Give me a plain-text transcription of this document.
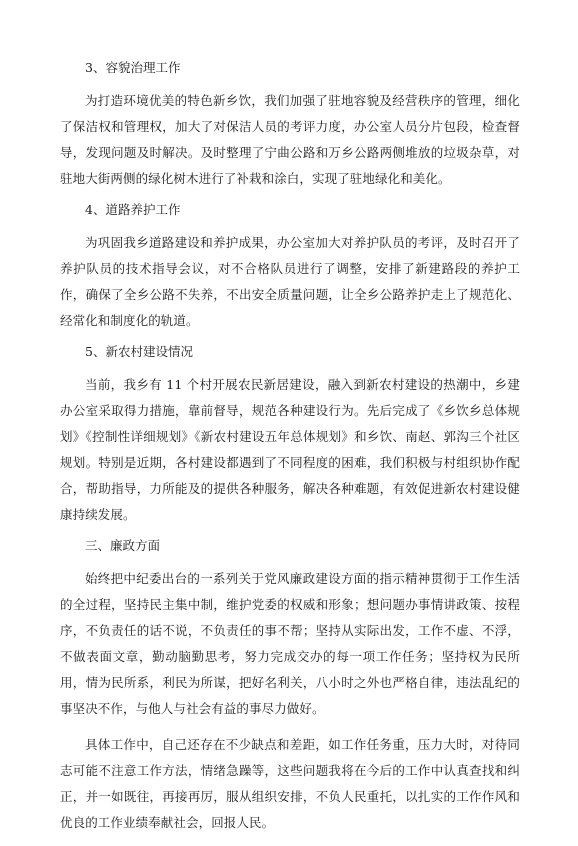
3、容貌治理工作
为打造环境优美的特色新乡饮，我们加强了驻地容貌及经营秩序的管理，细化了保洁权和管理权，加大了对保洁人员的考评力度，办公室人员分片包段，检查督导，发现问题及时解决。及时整理了宁曲公路和万乡公路两侧堆放的垃圾杂草，对驻地大街两侧的绿化树木进行了补栽和涂白，实现了驻地绿化和美化。
4、道路养护工作
为巩固我乡道路建设和养护成果，办公室加大对养护队员的考评，及时召开了养护队员的技术指导会议，对不合格队员进行了调整，安排了新建路段的养护工作，确保了全乡公路不失养，不出安全质量问题，让全乡公路养护走上了规范化、经常化和制度化的轨道。
5、新农村建设情况
当前，我乡有 11 个村开展农民新居建设，融入到新农村建设的热潮中，乡建办公室采取得力措施，靠前督导，规范各种建设行为。先后完成了《乡饮乡总体规划》《控制性详细规划》《新农村建设五年总体规划》和乡饮、南赵、郭沟三个社区规划。特别是近期，各村建设都遇到了不同程度的困难，我们积极与村组织协作配合，帮助指导，力所能及的提供各种服务，解决各种难题，有效促进新农村建设健康持续发展。
三、廉政方面
始终把中纪委出台的一系列关于党风廉政建设方面的指示精神贯彻于工作生活的全过程，坚持民主集中制，维护党委的权威和形象；想问题办事情讲政策、按程序，不负责任的话不说，不负责任的事不帮；坚持从实际出发，工作不虚、不浮，不做表面文章，勤动脑勤思考，努力完成交办的每一项工作任务；坚持权为民所用，情为民所系，利民为所谋，把好名利关，八小时之外也严格自律，违法乱纪的事坚决不作，与他人与社会有益的事尽力做好。
具体工作中，自己还存在不少缺点和差距，如工作任务重，压力大时，对待同志可能不注意工作方法，情绪急躁等，这些问题我将在今后的工作中认真查找和纠正，并一如既往，再接再厉，服从组织安排，不负人民重托，以扎实的工作作风和优良的工作业绩奉献社会，回报人民。
